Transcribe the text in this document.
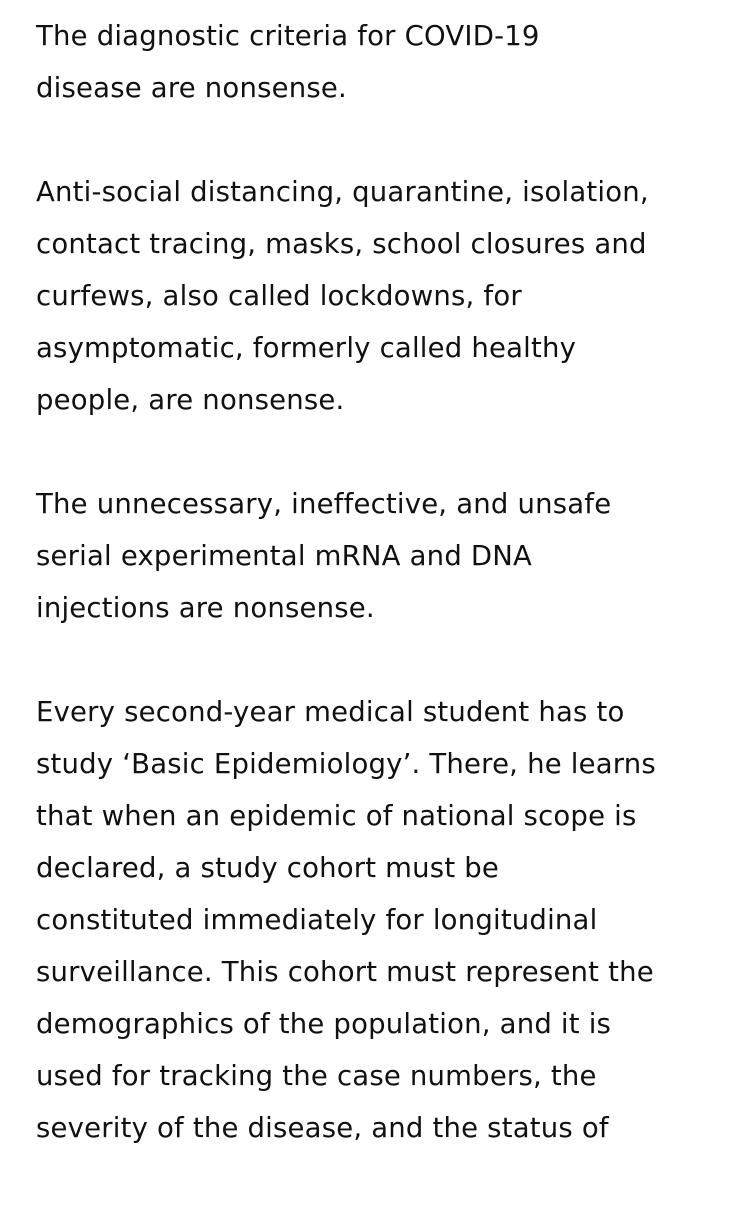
The diagnostic criteria for COVID-19
disease are nonsense.

Anti-social distancing, quarantine, isolation,
contact tracing, masks, school closures and
curfews, also called lockdowns, for
asymptomatic, formerly called healthy
people, are nonsense.

The unnecessary, ineffective, and unsafe
serial experimental mRNA and DNA
injections are nonsense.

Every second-year medical student has to
study ‘Basic Epidemiology’. There, he learns
that when an epidemic of national scope is
declared, a study cohort must be
constituted immediately for longitudinal
surveillance. This cohort must represent the
demographics of the population, and it is
used for tracking the case numbers, the
severity of the disease, and the status of
